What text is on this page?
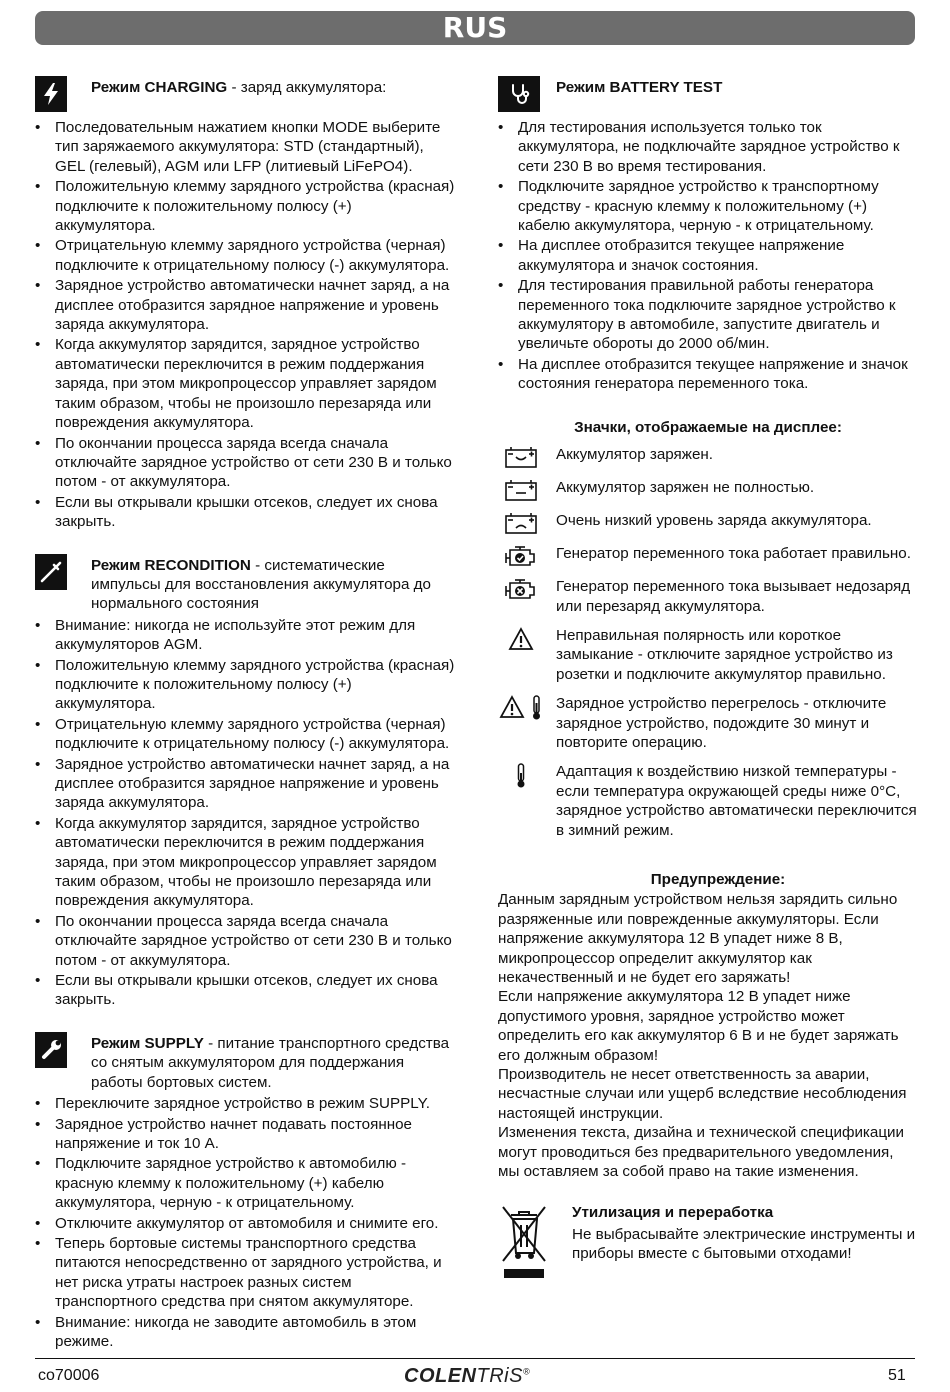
RUS
Режим CHARGING - заряд аккумулятора:
• Последовательным нажатием кнопки MODE выберите тип заряжаемого аккумулятора: STD (стандартный), GEL (гелевый), AGM или LFP (литиевый LiFePO4).
• Положительную клемму зарядного устройства (красная) подключите к положительному полюсу (+) аккумулятора.
• Отрицательную клемму зарядного устройства (черная) подключите к отрицательному полюсу (-) аккумулятора.
• Зарядное устройство автоматически начнет заряд, а на дисплее отобразится зарядное напряжение и уровень заряда аккумулятора.
• Когда аккумулятор зарядится, зарядное устройство автоматически переключится в режим поддержания заряда, при этом микропроцессор управляет зарядом таким образом, чтобы не произошло перезаряда или повреждения аккумулятора.
• По окончании процесса заряда всегда сначала отключайте зарядное устройство от сети 230 В и только потом - от аккумулятора.
• Если вы открывали крышки отсеков, следует их снова закрыть.
Режим RECONDITION - систематические импульсы для восстановления аккумулятора до нормального состояния
• Внимание: никогда не используйте этот режим для аккумуляторов AGM.
• Положительную клемму зарядного устройства (красная) подключите к положительному полюсу (+) аккумулятора.
• Отрицательную клемму зарядного устройства (черная) подключите к отрицательному полюсу (-) аккумулятора.
• Зарядное устройство автоматически начнет заряд, а на дисплее отобразится зарядное напряжение и уровень заряда аккумулятора.
• Когда аккумулятор зарядится, зарядное устройство автоматически переключится в режим поддержания заряда, при этом микропроцессор управляет зарядом таким образом, чтобы не произошло перезаряда или повреждения аккумулятора.
• По окончании процесса заряда всегда сначала отключайте зарядное устройство от сети 230 В и только потом - от аккумулятора.
• Если вы открывали крышки отсеков, следует их снова закрыть.
Режим SUPPLY - питание транспортного средства со снятым аккумулятором для поддержания работы бортовых систем.
• Переключите зарядное устройство в режим SUPPLY.
• Зарядное устройство начнет подавать постоянное напряжение и ток 10 А.
• Подключите зарядное устройство к автомобилю - красную клемму к положительному (+) кабелю аккумулятора, черную - к отрицательному.
• Отключите аккумулятор от автомобиля и снимите его.
• Теперь бортовые системы транспортного средства питаются непосредственно от зарядного устройства, и нет риска утраты настроек разных систем транспортного средства при снятом аккумуляторе.
• Внимание: никогда не заводите автомобиль в этом режиме.
Режим BATTERY TEST
• Для тестирования используется только ток аккумулятора, не подключайте зарядное устройство к сети 230 В во время тестирования.
• Подключите зарядное устройство к транспортному средству - красную клемму к положительному (+) кабелю аккумулятора, черную - к отрицательному.
• На дисплее отобразится текущее напряжение аккумулятора и значок состояния.
• Для тестирования правильной работы генератора переменного тока подключите зарядное устройство к аккумулятору в автомобиле, запустите двигатель и увеличьте обороты до 2000 об/мин.
• На дисплее отобразится текущее напряжение и значок состояния генератора переменного тока.
Значки, отображаемые на дисплее:
Аккумулятор заряжен.
Аккумулятор заряжен не полностью.
Очень низкий уровень заряда аккумулятора.
Генератор переменного тока работает правильно.
Генератор переменного тока вызывает недозаряд или перезаряд аккумулятора.
Неправильная полярность или короткое замыкание - отключите зарядное устройство из розетки и подключите аккумулятор правильно.
Зарядное устройство перегрелось - отключите зарядное устройство, подождите 30 минут и повторите операцию.
Адаптация к воздействию низкой температуры - если температура окружающей среды ниже 0°C, зарядное устройство автоматически переключится в зимний режим.
Предупреждение:
Данным зарядным устройством нельзя зарядить сильно разряженные или поврежденные аккумуляторы. Если напряжение аккумулятора 12 В упадет ниже 8 В, микропроцессор определит аккумулятор как некачественный и не будет его заряжать!
Если напряжение аккумулятора 12 В упадет ниже допустимого уровня, зарядное устройство может определить его как аккумулятор 6 В и не будет заряжать его должным образом!
Производитель не несет ответственность за аварии, несчастные случаи или ущерб вследствие несоблюдения настоящей инструкции.
Изменения текста, дизайна и технической спецификации могут проводиться без предварительного уведомления, мы оставляем за собой право на такие изменения.
Утилизация и переработка
Не выбрасывайте электрические инструменты и приборы вместе с бытовыми отходами!
co70006	COLENTRiS®	51
